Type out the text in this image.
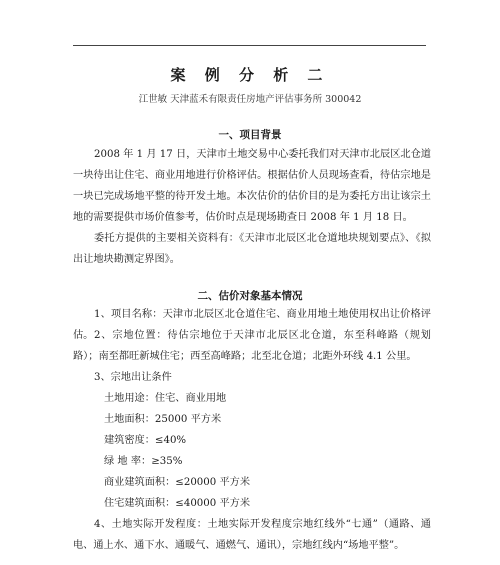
案 例 分 析 二
江世敏 天津蓝禾有限责任房地产评估事务所 300042
一、项目背景

2008 年 1 月 17 日，天津市土地交易中心委托我们对天津市北辰区北仓道一块待出让住宅、商业用地进行价格评估。根据估价人员现场查看，待估宗地是一块已完成场地平整的待开发土地。本次估价的估价目的是为委托方出让该宗土地的需要提供市场价值参考，估价时点是现场勘查日 2008 年 1 月 18 日。

委托方提供的主要相关资料有：《天津市北辰区北仓道地块规划要点》、《拟出让地块勘测定界图》。

二、估价对象基本情况

1、项目名称：天津市北辰区北仓道住宅、商业用地土地使用权出让价格评估。 2、宗地位置：待估宗地位于天津市北辰区北仓道，东至科峰路（规划路）；南至都旺新城住宅；西至高峰路；北至北仓道；北距外环线 4.1 公里。

3、宗地出让条件

土地用途：住宅、商业用地

土地面积：25000 平方米

建筑密度：≤40%

绿 地 率：≥35%

商业建筑面积：≤20000 平方米

住宅建筑面积：≤40000 平方米

4、土地实际开发程度：土地实际开发程度宗地红线外“七通”（通路、通电、通上水、通下水、通暖气、通燃气、通讯），宗地红线内“场地平整”。
